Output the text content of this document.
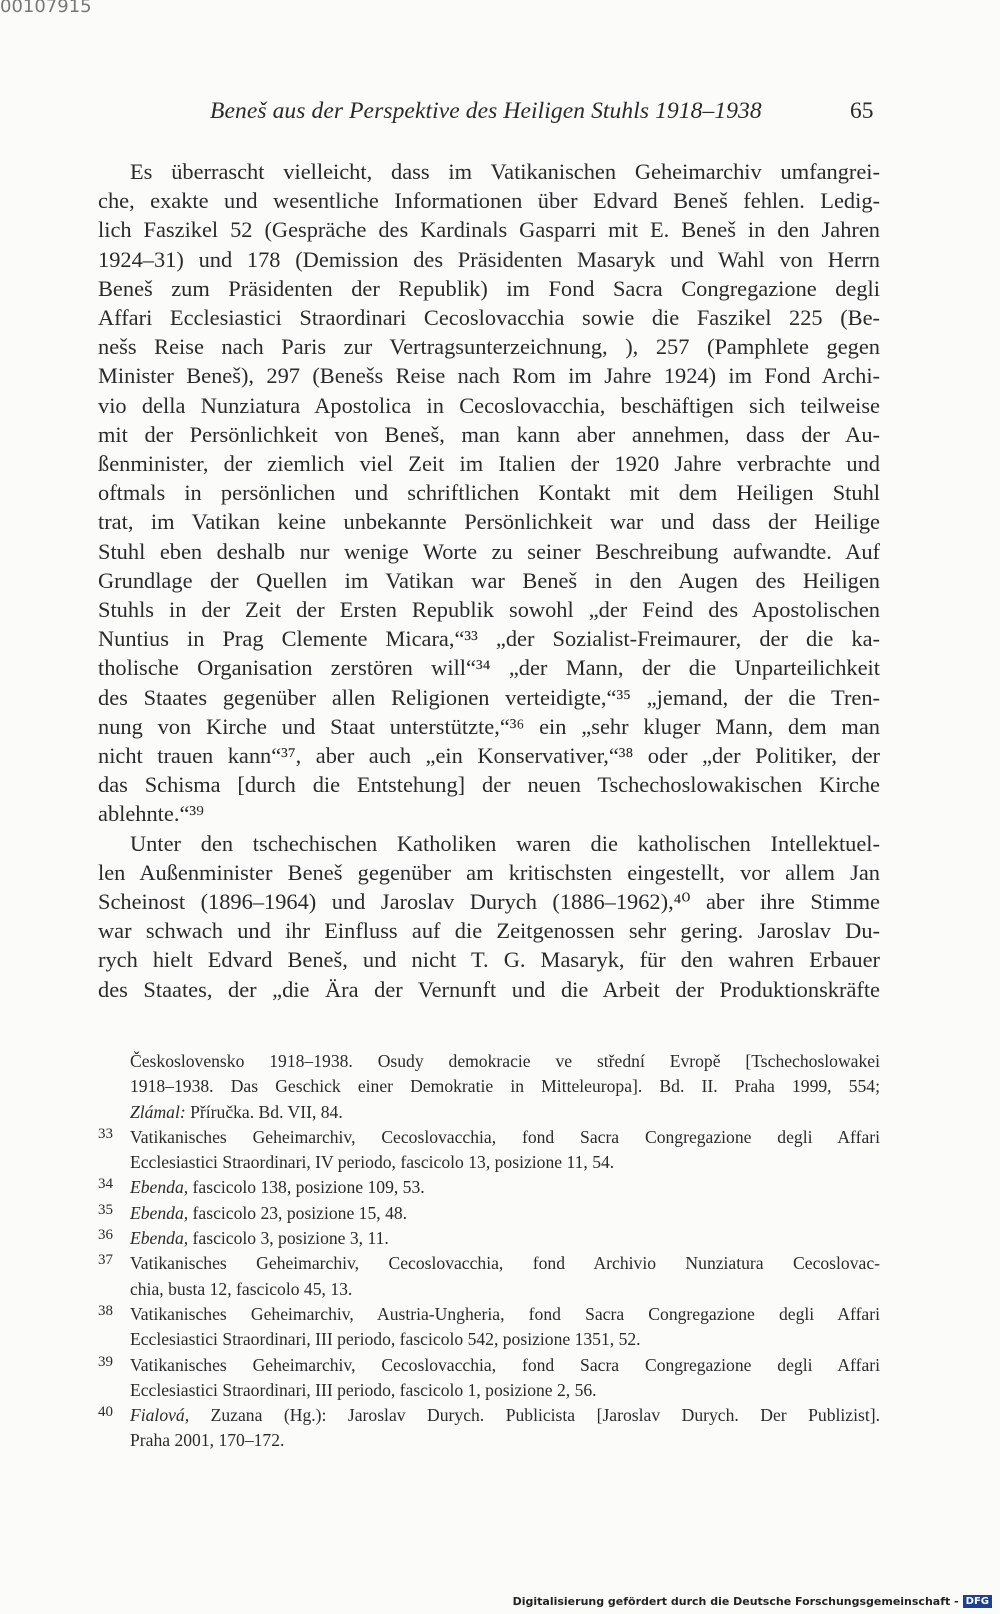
00107915
Beneš aus der Perspektive des Heiligen Stuhls 1918–1938	65
Es überrascht vielleicht, dass im Vatikanischen Geheimarchiv umfangrei-
che, exakte und wesentliche Informationen über Edvard Beneš fehlen. Ledig-
lich Faszikel 52 (Gespräche des Kardinals Gasparri mit E. Beneš in den Jahren
1924–31) und 178 (Demission des Präsidenten Masaryk und Wahl von Herrn
Beneš zum Präsidenten der Republik) im Fond Sacra Congregazione degli
Affari Ecclesiastici Straordinari Cecoslovacchia sowie die Faszikel 225 (Be-
nešs Reise nach Paris zur Vertragsunterzeichnung, ), 257 (Pamphlete gegen
Minister Beneš), 297 (Benešs Reise nach Rom im Jahre 1924) im Fond Archi-
vio della Nunziatura Apostolica in Cecoslovacchia, beschäftigen sich teilweise
mit der Persönlichkeit von Beneš, man kann aber annehmen, dass der Au-
ßenminister, der ziemlich viel Zeit im Italien der 1920 Jahre verbrachte und
oftmals in persönlichen und schriftlichen Kontakt mit dem Heiligen Stuhl
trat, im Vatikan keine unbekannte Persönlichkeit war und dass der Heilige
Stuhl eben deshalb nur wenige Worte zu seiner Beschreibung aufwandte. Auf
Grundlage der Quellen im Vatikan war Beneš in den Augen des Heiligen
Stuhls in der Zeit der Ersten Republik sowohl „der Feind des Apostolischen
Nuntius in Prag Clemente Micara,“³³ „der Sozialist-Freimaurer, der die ka-
tholische Organisation zerstören will“³⁴ „der Mann, der die Unparteilichkeit
des Staates gegenüber allen Religionen verteidigte,“³⁵ „jemand, der die Tren-
nung von Kirche und Staat unterstützte,“³⁶ ein „sehr kluger Mann, dem man
nicht trauen kann“³⁷, aber auch „ein Konservativer,“³⁸ oder „der Politiker, der
das Schisma [durch die Entstehung] der neuen Tschechoslowakischen Kirche
ablehnte.“³⁹
Unter den tschechischen Katholiken waren die katholischen Intellektuel-
len Außenminister Beneš gegenüber am kritischsten eingestellt, vor allem Jan
Scheinost (1896–1964) und Jaroslav Durych (1886–1962),⁴⁰ aber ihre Stimme
war schwach und ihr Einfluss auf die Zeitgenossen sehr gering. Jaroslav Du-
rych hielt Edvard Beneš, und nicht T. G. Masaryk, für den wahren Erbauer
des Staates, der „die Ära der Vernunft und die Arbeit der Produktionskräfte
Československo 1918–1938. Osudy demokracie ve střední Evropě [Tschechoslowakei
1918–1938. Das Geschick einer Demokratie in Mitteleuropa]. Bd. II. Praha 1999, 554;
Zlámal: Příručka. Bd. VII, 84.
33 Vatikanisches Geheimarchiv, Cecoslovacchia, fond Sacra Congregazione degli Affari
Ecclesiastici Straordinari, IV periodo, fascicolo 13, posizione 11, 54.
34 Ebenda, fascicolo 138, posizione 109, 53.
35 Ebenda, fascicolo 23, posizione 15, 48.
36 Ebenda, fascicolo 3, posizione 3, 11.
37 Vatikanisches Geheimarchiv, Cecoslovacchia, fond Archivio Nunziatura Cecoslovac-
chia, busta 12, fascicolo 45, 13.
38 Vatikanisches Geheimarchiv, Austria-Ungheria, fond Sacra Congregazione degli Affari
Ecclesiastici Straordinari, III periodo, fascicolo 542, posizione 1351, 52.
39 Vatikanisches Geheimarchiv, Cecoslovacchia, fond Sacra Congregazione degli Affari
Ecclesiastici Straordinari, III periodo, fascicolo 1, posizione 2, 56.
40 Fialová, Zuzana (Hg.): Jaroslav Durych. Publicista [Jaroslav Durych. Der Publizist].
Praha 2001, 170–172.
Digitalisierung gefördert durch die Deutsche Forschungsgemeinschaft - DFG
